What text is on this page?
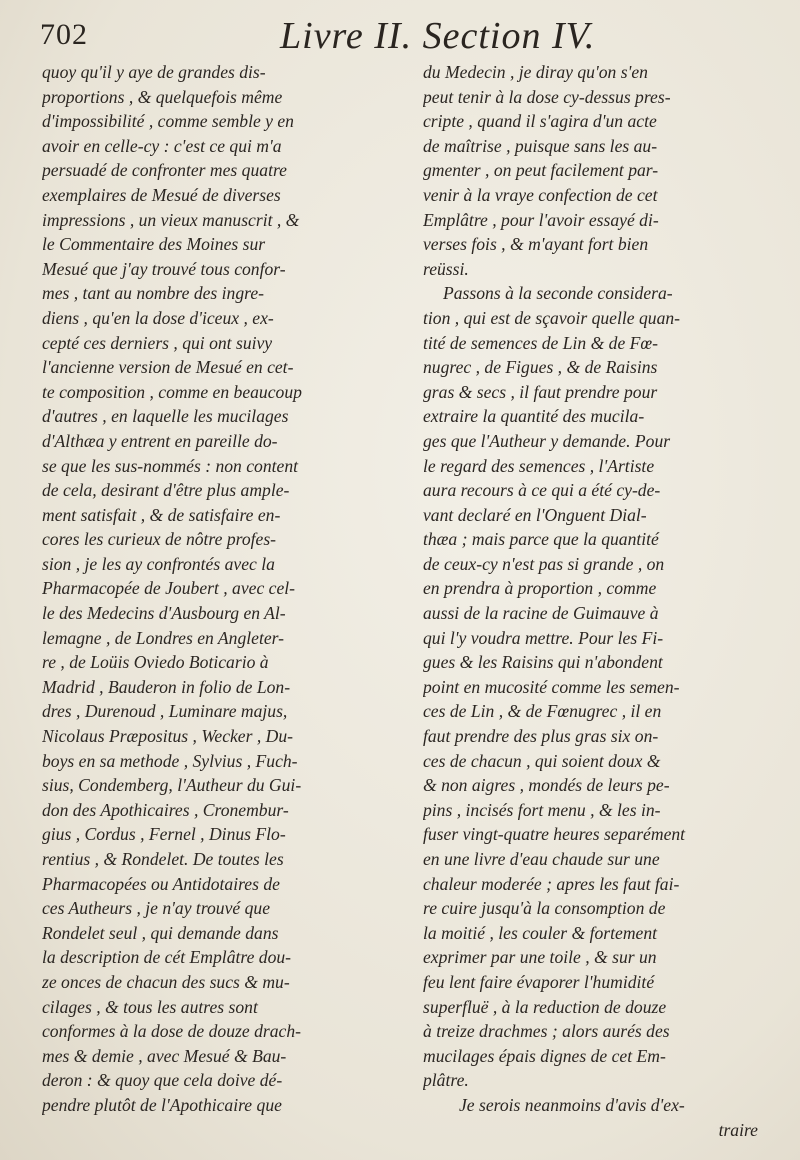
702	Livre II. Section IV.
quoy qu'il y aye de grandes dis-
proportions , & quelquefois même
d'impossibilité , comme semble y en
avoir en celle-cy : c'est ce qui m'a
persuadé de confronter mes quatre
exemplaires de Mesué de diverses
impressions , un vieux manuscrit , &
le Commentaire des Moines sur
Mesué que j'ay trouvé tous confor-
mes , tant au nombre des ingre-
diens , qu'en la dose d'iceux , ex-
cepté ces derniers , qui ont suivy
l'ancienne version de Mesué en cet-
te composition , comme en beaucoup
d'autres , en laquelle les mucilages
d'Althæa y entrent en pareille do-
se que les sus-nommés : non content
de cela, desirant d'être plus ample-
ment satisfait , & de satisfaire en-
cores les curieux de nôtre profes-
sion , je les ay confrontés avec la
Pharmacopée de Joubert , avec cel-
le des Medecins d'Ausbourg en Al-
lemagne , de Londres en Angleter-
re , de Loüis Oviedo Boticario à
Madrid , Bauderon in folio de Lon-
dres , Durenoud , Luminare majus,
Nicolaus Præpositus , Wecker , Du-
boys en sa methode , Sylvius , Fuch-
sius, Condemberg, l'Autheur du Gui-
don des Apothicaires , Cronembur-
gius , Cordus , Fernel , Dinus Flo-
rentius , & Rondelet. De toutes les
Pharmacopées ou Antidotaires de
ces Autheurs , je n'ay trouvé que
Rondelet seul , qui demande dans
la description de cét Emplâtre dou-
ze onces de chacun des sucs & mu-
cilages , & tous les autres sont
conformes à la dose de douze drach-
mes & demie , avec Mesué & Bau-
deron : & quoy que cela doive dé-
pendre plutôt de l'Apothicaire que
du Medecin , je diray qu'on s'en
peut tenir à la dose cy-dessus pres-
cripte , quand il s'agira d'un acte
de maîtrise , puisque sans les au-
gmenter , on peut facilement par-
venir à la vraye confection de cet
Emplâtre , pour l'avoir essayé di-
verses fois , & m'ayant fort bien
reüssi.
Passons à la seconde considera-
tion , qui est de sçavoir quelle quan-
tité de semences de Lin & de Fœ-
nugrec , de Figues , & de Raisins
gras & secs , il faut prendre pour
extraire la quantité des mucila-
ges que l'Autheur y demande. Pour
le regard des semences , l'Artiste
aura recours à ce qui a été cy-de-
vant declaré en l'Onguent Dial-
thæa ; mais parce que la quantité
de ceux-cy n'est pas si grande , on
en prendra à proportion , comme
aussi de la racine de Guimauve à
qui l'y voudra mettre. Pour les Fi-
gues & les Raisins qui n'abondent
point en mucosité comme les semen-
ces de Lin , & de Fœnugrec , il en
faut prendre des plus gras six on-
ces de chacun , qui soient doux &
& non aigres , mondés de leurs pe-
pins , incisés fort menu , & les in-
fuser vingt-quatre heures separément
en une livre d'eau chaude sur une
chaleur moderée ; apres les faut fai-
re cuire jusqu'à la consomption de
la moitié , les couler & fortement
exprimer par une toile , & sur un
feu lent faire évaporer l'humidité
superfluë , à la reduction de douze
à treize drachmes ; alors aurés des
mucilages épais dignes de cet Em-
plâtre.
Je serois neanmoins d'avis d'ex-
traire
